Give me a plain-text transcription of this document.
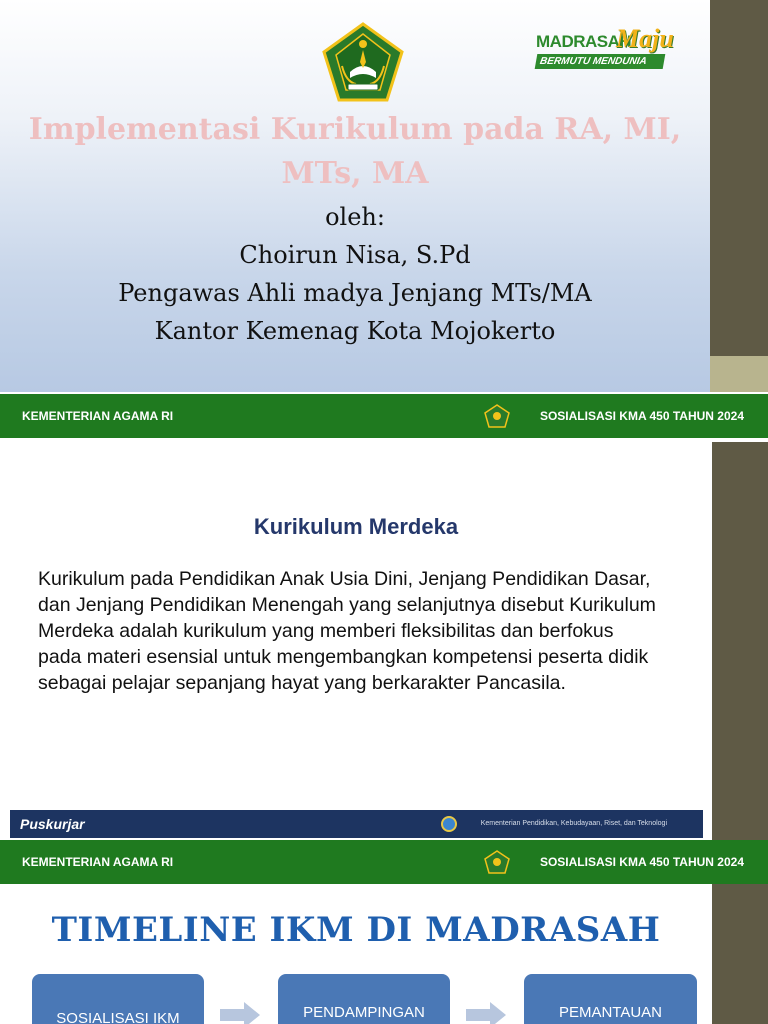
MADRASAH
Maju
BERMUTU MENDUNIA
Implementasi Kurikulum pada RA, MI, MTs, MA
oleh:
Choirun Nisa, S.Pd
Pengawas Ahli madya Jenjang MTs/MA
Kantor Kemenag Kota Mojokerto
KEMENTERIAN AGAMA RI	SOSIALISASI KMA 450 TAHUN 2024
Kurikulum Merdeka
Kurikulum pada Pendidikan Anak Usia Dini, Jenjang Pendidikan Dasar, dan Jenjang Pendidikan Menengah yang selanjutnya disebut Kurikulum Merdeka adalah kurikulum yang memberi fleksibilitas dan berfokus pada materi esensial untuk mengembangkan kompetensi peserta didik sebagai pelajar sepanjang hayat yang berkarakter Pancasila.
Puskurjar	Kementerian Pendidikan, Kebudayaan, Riset, dan Teknologi
KEMENTERIAN AGAMA RI	SOSIALISASI KMA 450 TAHUN 2024
TIMELINE IKM DI MADRASAH
SOSIALISASI IKM	PENDAMPINGAN	PEMANTAUAN
